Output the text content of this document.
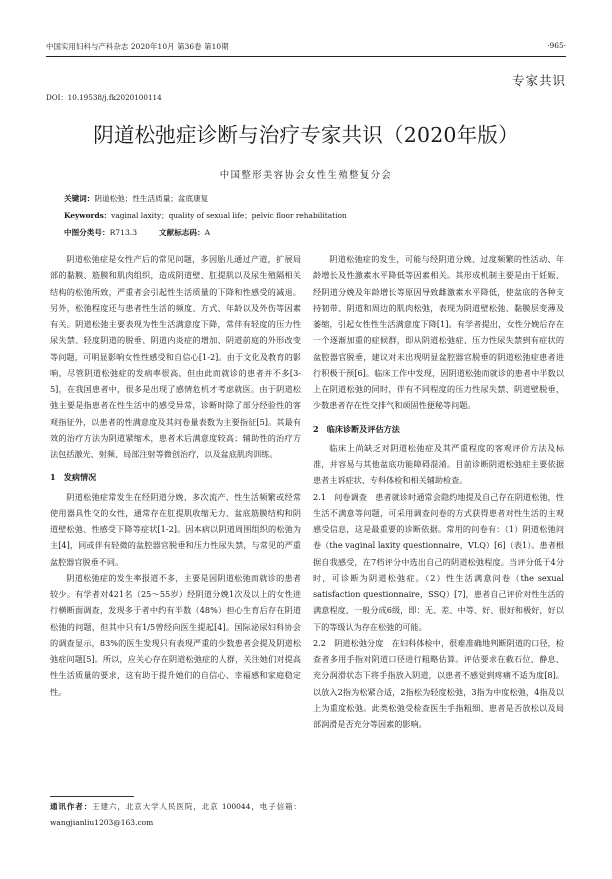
中国实用妇科与产科杂志 2020年10月 第36卷 第10期	·965·
专家共识
DOI：10.19538/j.fk2020100114
阴道松弛症诊断与治疗专家共识（2020年版）
中国整形美容协会女性生殖整复分会
关键词：阴道松弛；性生活质量；盆底康复
Keywords：vaginal laxity；quality of sexual life；pelvic floor rehabilitation
中图分类号：R713.3	文献标志码：A

阴道松弛症是女性产后的常见问题，多因胎儿通过产道，扩展局部的黏膜、筋膜和肌肉组织，造成阴道壁、肛提肌以及尿生殖隔相关结构的松弛所致，严重者会引起性生活质量的下降和性感受的减退。另外，松弛程度还与患者性生活的频度、方式、年龄以及外伤等因素有关。阴道松弛主要表现为性生活满意度下降，常伴有轻度的压力性尿失禁、轻度阴道的脱垂、阴道内炎症的增加、阴道前庭的外形改变等问题，可明显影响女性性感受和自信心[1-2]。由于文化及教育的影响，尽管阴道松弛症的发病率很高，但由此而就诊的患者并不多[3-5]，在我国患者中，很多是出现了感情危机才考虑就医。由于阴道松弛主要是指患者在性生活中的感受异常，诊断时除了部分经验性的客观指征外，以患者的性满意度及其问卷量表数为主要指征[5]。其最有效的治疗方法为阴道紧缩术，患者术后满意度较高；辅助性的治疗方法包括激光、射频、局部注射等微创治疗，以及盆底肌肉训练。

1　发病情况

阴道松弛症常发生在经阴道分娩、多次流产、性生活频繁或经常使用器具性交的女性，通常存在肛提肌收缩无力、盆底筋膜结构和阴道壁松弛、性感受下降等症状[1-2]。因本病以阴道周围组织的松弛为主[4]，同或伴有轻微的盆腔器官脱垂和压力性尿失禁，与常见的严重盆腔器官脱垂不同。

阴道松弛症的发生率报道不多，主要是因阴道松弛而就诊的患者较少。有学者对421名（25～55岁）经阴道分娩1次及以上的女性进行横断面调查，发现多于者中约有半数（48%）担心生育后存在阴道松弛的问题，但其中只有1/5曾经向医生提起[4]。国际泌尿妇科协会的调查显示，83%的医生发现只有表现严重的少数患者会提及阴道松弛症问题[5]。所以，应关心存在阴道松弛症的人群，关注她们对提高性生活质量的要求，这有助于提升她们的自信心、幸福感和家庭稳定性。

阴道松弛症的发生，可能与经阴道分娩、过度频繁的性活动、年龄增长及性激素水平降低等因素相关。其形成机制主要是由于妊娠、经阴道分娩及年龄增长等原因导致雌激素水平降低，使盆底的各种支持韧带、阴道和周边的肌肉松弛，表现为阴道壁松弛、黏膜层变薄及萎缩，引起女性性生活满意度下降[1]。有学者提出，女性分娩后存在一个逐渐加重的症候群，即从阴道松弛症、压力性尿失禁到有症状的盆腔器官脱垂，建议对未出现明显盆腔器官脱垂的阴道松弛症患者进行积极干预[6]。临床工作中发现，因阴道松弛而就诊的患者中半数以上在阴道松弛的同时，伴有不同程度的压力性尿失禁、阴道壁脱垂，少数患者存在性交排气和顽固性便秘等问题。

2　临床诊断及评估方法

临床上尚缺乏对阴道松弛症及其严重程度的客观评价方法及标准，并容易与其他盆底功能障碍混淆。目前诊断阴道松弛症主要依据患者主诉症状、专科体检和相关辅助检查。

2.1　问卷调查　患者就诊时通常会隐约地提及自己存在阴道松弛，性生活不满意等问题，可采用调查问卷的方式获得患者对性生活的主观感受信息，这是最重要的诊断依据。常用的问卷有：（1）阴道松弛问卷（the vaginal laxity questionnaire，VLQ）[6]（表1）。患者根据自我感受，在7档评分中选出自己的阴道松弛程度。当评分低于4分时，可诊断为阴道松弛症。（2）性生活满意问卷（the sexual satisfaction questionnaire，SSQ）[7]，患者自己评价对性生活的满意程度，一般分成6级，即：无、差、中等、好、很好和极好，好以下的等级认为存在松弛的可能。

2.2　阴道松弛分度　在妇科体检中，很难准确地判断阴道的口径，检查者多用手指对阴道口径进行粗略估算。评估要求在截石位、静息、充分润滑状态下将手指放入阴道，以患者不感觉到疼痛不适为度[8]。以放入2指为松紧合适，2指松为轻度松弛，3指为中度松弛，4指及以上为重度松弛。此类松弛受检查医生手指粗细、患者是否放松以及局部润滑是否充分等因素的影响。

通讯作者：王建六，北京大学人民医院，北京 100044，电子信箱：wangjianliu1203@163.com
